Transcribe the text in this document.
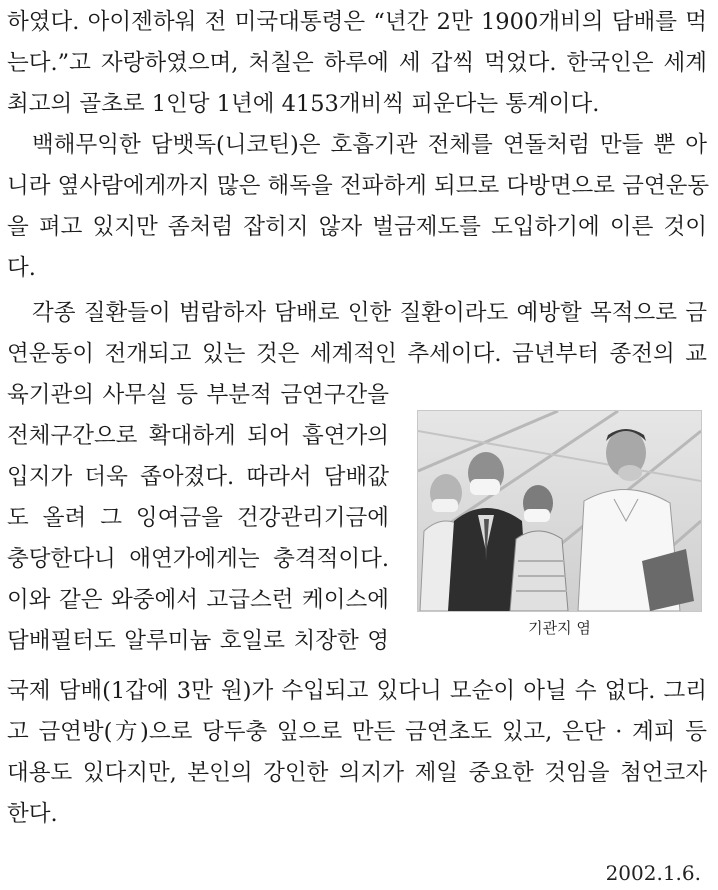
하였다. 아이젠하워 전 미국대통령은 “년간 2만 1900개비의 담배를 먹
는다.”고 자랑하였으며, 처칠은 하루에 세 갑씩 먹었다. 한국인은 세계
최고의 골초로 1인당 1년에 4153개비씩 피운다는 통계이다.
백해무익한 담뱃독(니코틴)은 호흡기관 전체를 연돌처럼 만들 뿐 아
니라 옆사람에게까지 많은 해독을 전파하게 되므로 다방면으로 금연운동
을 펴고 있지만 좀처럼 잡히지 않자 벌금제도를 도입하기에 이른 것이
다.
각종 질환들이 범람하자 담배로 인한 질환이라도 예방할 목적으로 금
연운동이 전개되고 있는 것은 세계적인 추세이다. 금년부터 종전의 교
육기관의 사무실 등 부분적 금연구간을
전체구간으로 확대하게 되어 흡연가의
입지가 더욱 좁아졌다. 따라서 담배값
도 올려 그 잉여금을 건강관리기금에
충당한다니 애연가에게는 충격적이다.
이와 같은 와중에서 고급스런 케이스에
담배필터도 알루미늄 호일로 치장한 영
국제 담배(1갑에 3만 원)가 수입되고 있다니 모순이 아닐 수 없다. 그리
고 금연방(方)으로 당두충 잎으로 만든 금연초도 있고, 은단 · 계피 등
대용도 있다지만, 본인의 강인한 의지가 제일 중요한 것임을 첨언코자
한다.
기관지 염
2002.1.6.
